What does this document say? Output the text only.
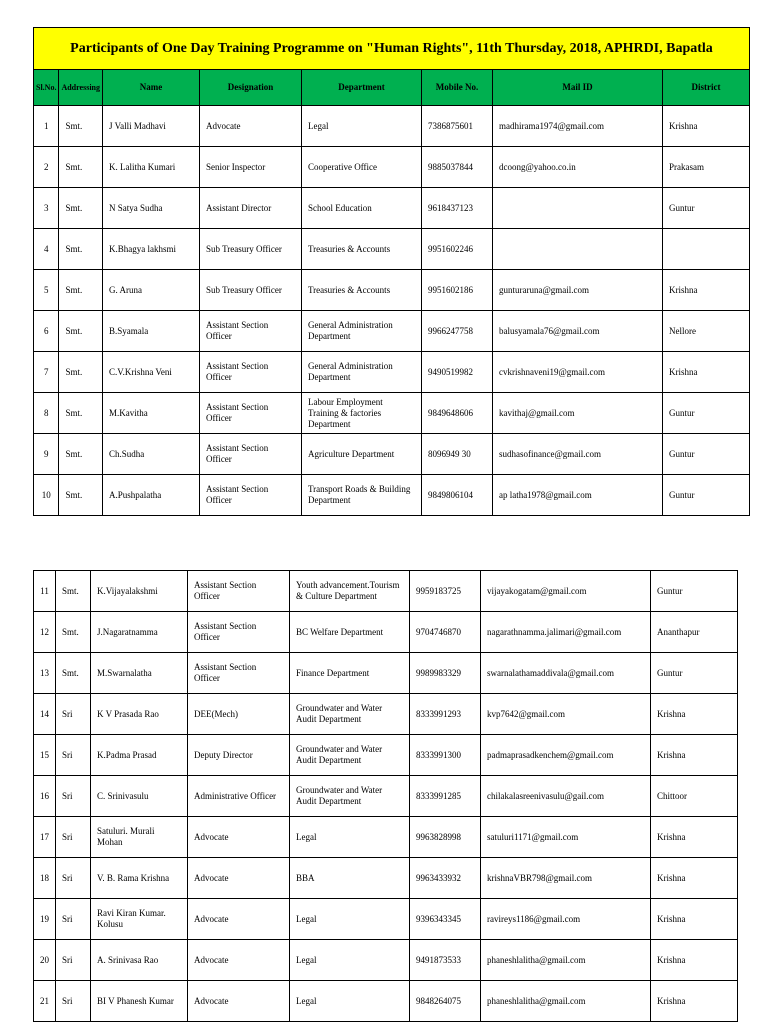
Participants of One Day Training Programme on "Human Rights", 11th Thursday, 2018, APHRDI, Bapatla							
Sl.No.	Addressing	Name	Designation	Department	Mobile No.	Mail ID	District
1	Smt.	J Valli Madhavi	Advocate	Legal	7386875601	madhirama1974@gmail.com	Krishna
2	Smt.	K. Lalitha Kumari	Senior Inspector	Cooperative Office	9885037844	dcoong@yahoo.co.in	Prakasam
3	Smt.	N Satya Sudha	Assistant Director	School Education	9618437123		Guntur
4	Smt.	K.Bhagya lakhsmi	Sub Treasury Officer	Treasuries & Accounts	9951602246		
5	Smt.	G. Aruna	Sub Treasury Officer	Treasuries & Accounts	9951602186	gunturaruna@gmail.com	Krishna
6	Smt.	B.Syamala	Assistant Section Officer	General Administration Department	9966247758	balusyamala76@gmail.com	Nellore
7	Smt.	C.V.Krishna Veni	Assistant Section Officer	General Administration Department	9490519982	cvkrishnaveni19@gmail.com	Krishna
8	Smt.	M.Kavitha	Assistant Section Officer	Labour Employment Training & factories Department	9849648606	kavithaj@gmail.com	Guntur
9	Smt.	Ch.Sudha	Assistant Section Officer	Agriculture Department	8096949 30	sudhasofinance@gmail.com	Guntur
10	Smt.	A.Pushpalatha	Assistant Section Officer	Transport Roads & Building Department	9849806104	ap latha1978@gmail.com	Guntur
11	Smt.	K.Vijayalakshmi	Assistant Section Officer	Youth advancement.Tourism & Culture Department	9959183725	vijayakogatam@gmail.com	Guntur
12	Smt.	J.Nagaratnamma	Assistant Section Officer	BC Welfare Department	9704746870	nagarathnamma.jalimari@gmail.com	Ananthapur
13	Smt.	M.Swarnalatha	Assistant Section Officer	Finance Department	9989983329	swarnalathamaddivala@gmail.com	Guntur
14	Sri	K V Prasada Rao	DEE(Mech)	Groundwater and Water Audit Department	8333991293	kvp7642@gmail.com	Krishna
15	Sri	K.Padma Prasad	Deputy Director	Groundwater and Water Audit Department	8333991300	padmaprasadkenchem@gmail.com	Krishna
16	Sri	C. Srinivasulu	Administrative Officer	Groundwater and Water Audit Department	8333991285	chilakalasreenivasulu@gail.com	Chittoor
17	Sri	Satuluri. Murali Mohan	Advocate	Legal	9963828998	satuluri1171@gmail.com	Krishna
18	Sri	V. B. Rama Krishna	Advocate	BBA	9963433932	krishnaVBR798@gmail.com	Krishna
19	Sri	Ravi Kiran Kumar. Kolusu	Advocate	Legal	9396343345	ravireys1186@gmail.com	Krishna
20	Sri	A. Srinivasa Rao	Advocate	Legal	9491873533	phaneshlalitha@gmail.com	Krishna
21	Sri	BI V Phanesh Kumar	Advocate	Legal	9848264075	phaneshlalitha@gmail.com	Krishna
